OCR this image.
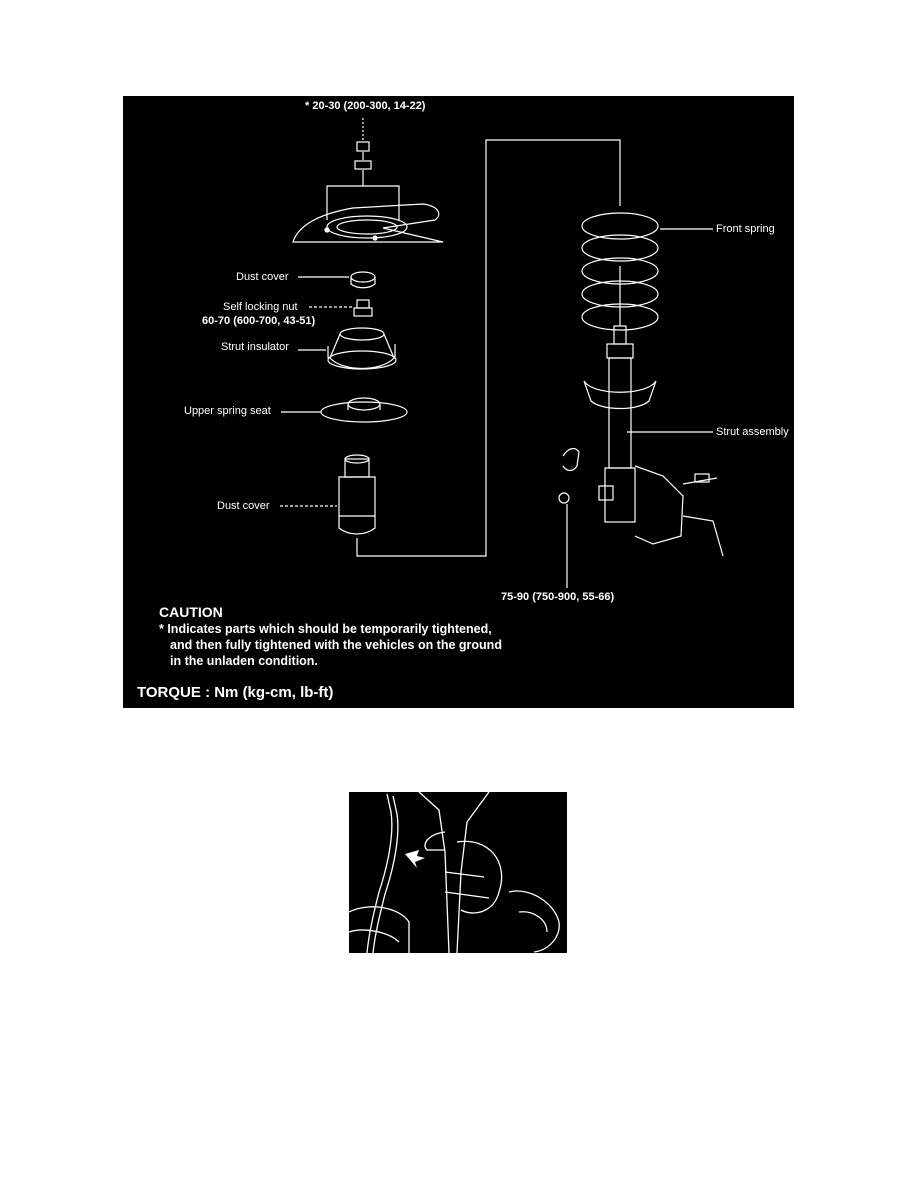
* 20-30 (200-300, 14-22)
Dust cover
Self locking nut
60-70 (600-700, 43-51)
Strut insulator
Upper spring seat
Dust cover
Front spring
Strut assembly
75-90 (750-900, 55-66)
CAUTION
* Indicates parts which should be temporarily tightened,
and then fully tightened with the vehicles on the ground
in the unladen condition.
TORQUE : Nm (kg-cm, lb-ft)
